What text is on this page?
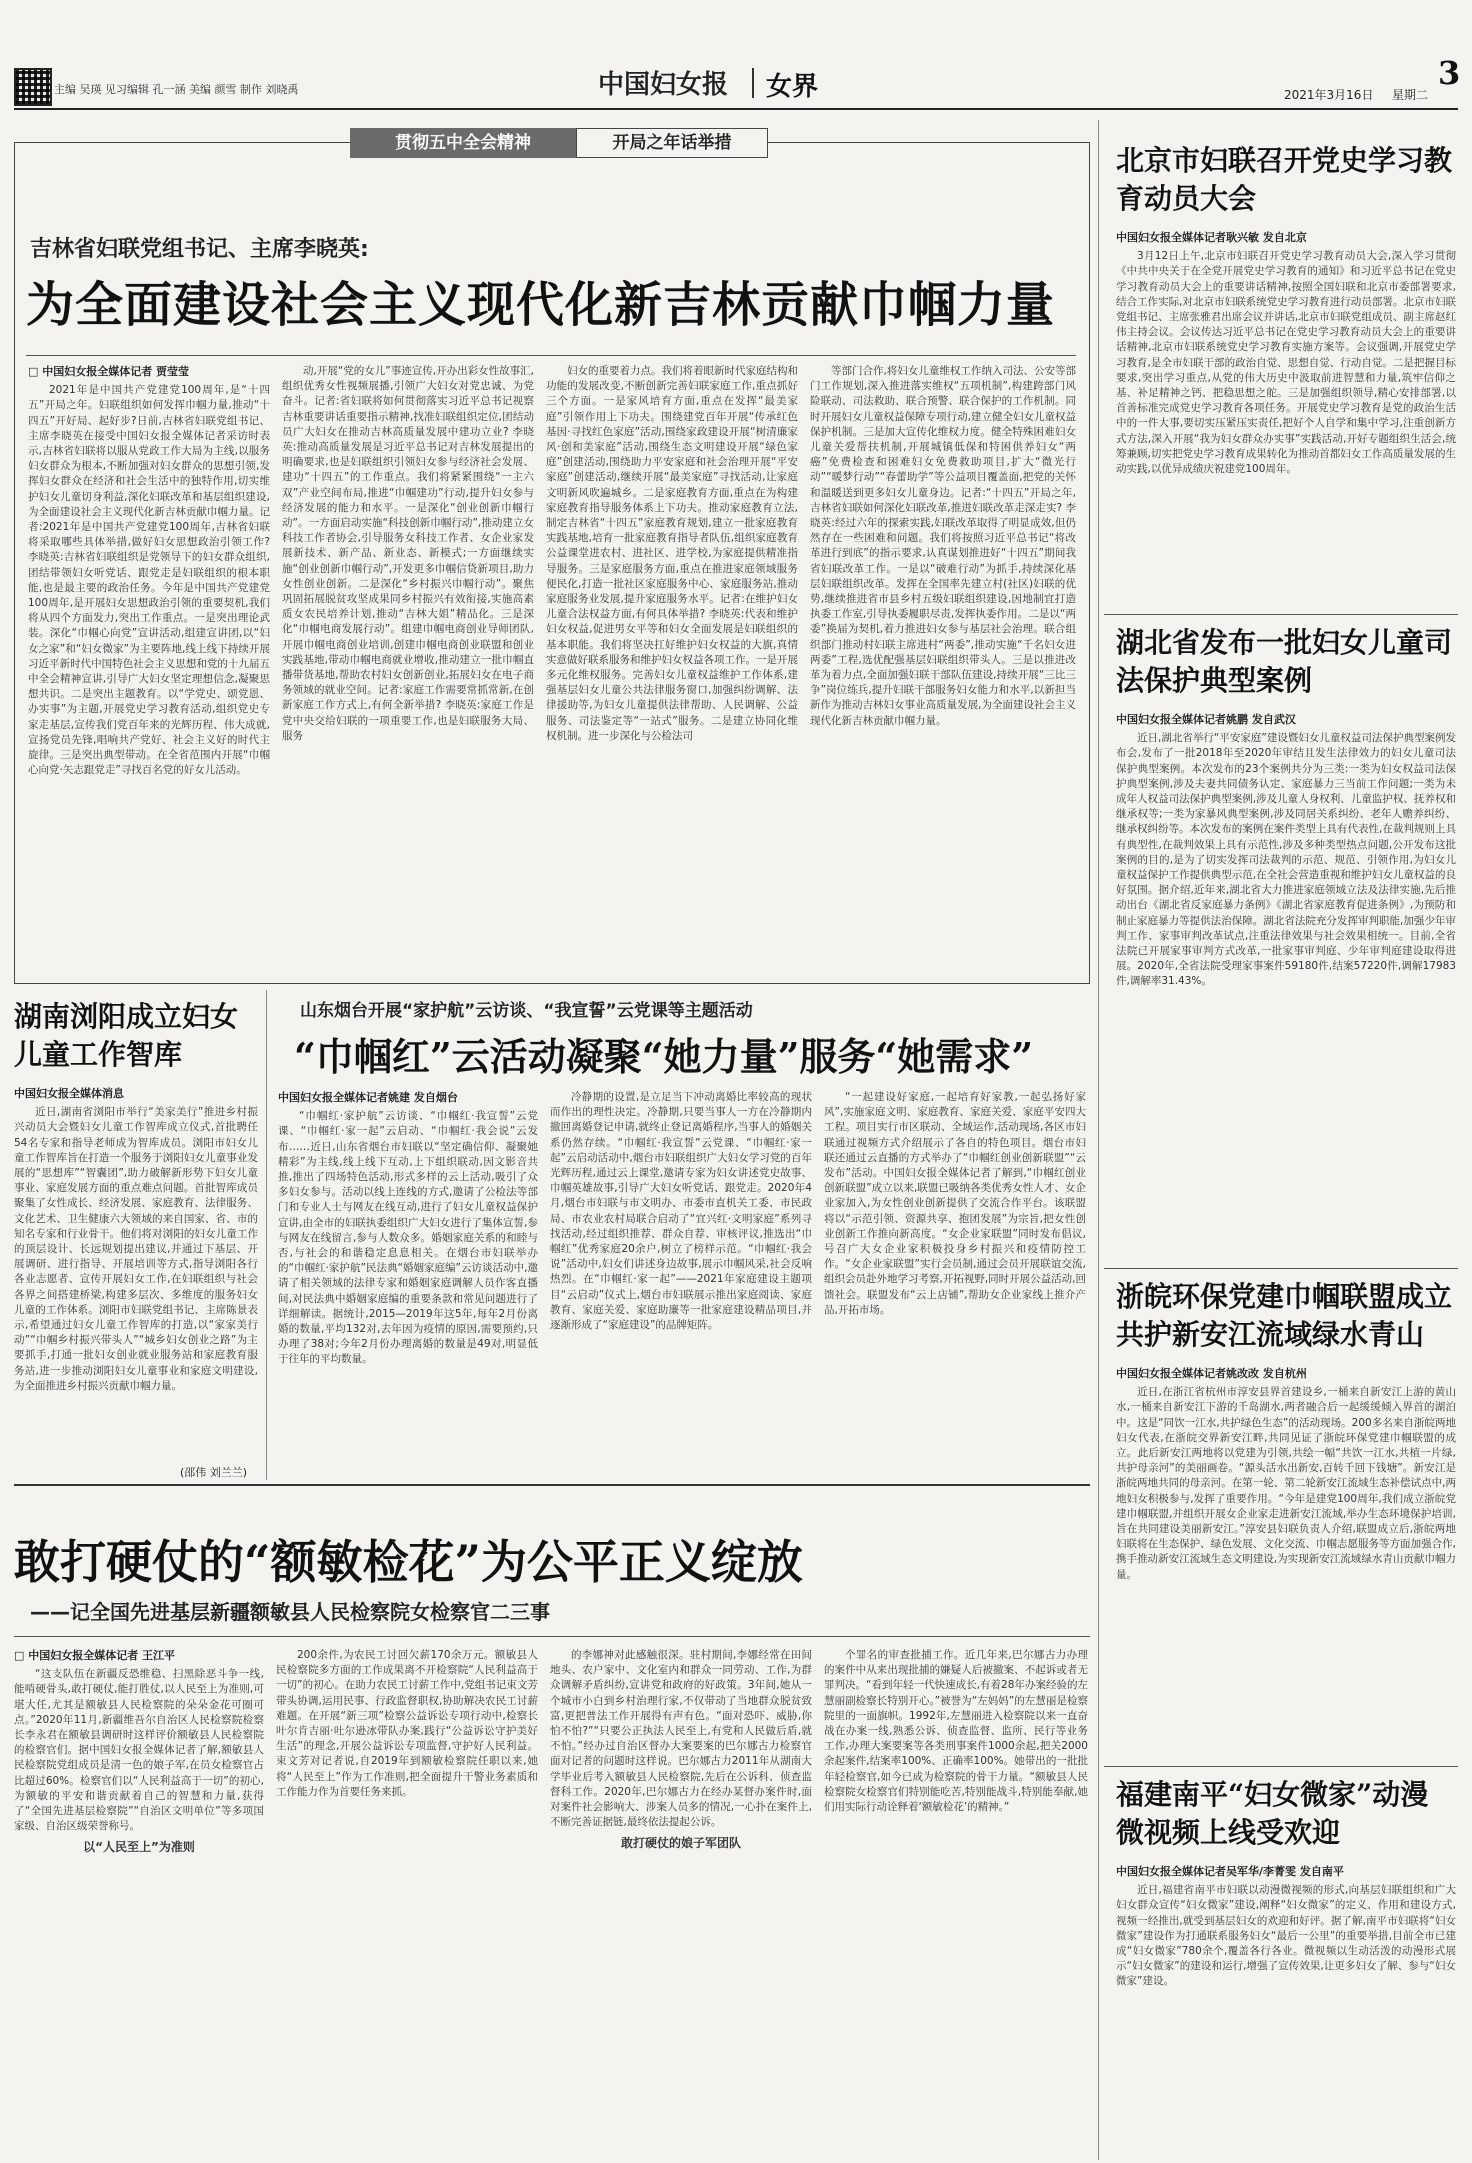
主编 吴瑛 见习编辑 孔一涵 美编 颜雪 制作 刘晓禹	中国妇女报 女界	3
2021年3月16日 星期二
贯彻五中全会精神	开局之年话举措
吉林省妇联党组书记、主席李晓英:
为全面建设社会主义现代化新吉林贡献巾帼力量
□ 中国妇女报全媒体记者 贾莹莹

2021年是中国共产党建党100周年,是“十四五”开局之年。妇联组织如何发挥巾帼力量,推动“十四五”开好局、起好步?日前,吉林省妇联党组书记、主席李晓英在接受中国妇女报全媒体记者采访时表示,吉林省妇联将以服从党政工作大局为主线,以服务妇女群众为根本,不断加强对妇女群众的思想引领,发挥妇女群众在经济和社会生活中的独特作用,切实维护妇女儿童切身利益,深化妇联改革和基层组织建设,为全面建设社会主义现代化新吉林贡献巾帼力量。记者:2021年是中国共产党建党100周年,吉林省妇联将采取哪些具体举措,做好妇女思想政治引领工作? 李晓英:吉林省妇联组织是党领导下的妇女群众组织,团结带领妇女听党话、跟党走是妇联组织的根本职能,也是最主要的政治任务。今年是中国共产党建党100周年,是开展妇女思想政治引领的重要契机,我们将从四个方面发力,突出工作重点。一是突出理论武装。深化“巾帼心向党”宣讲活动,组建宣讲团,以“妇女之家”和“妇女微家”为主要阵地,线上线下持续开展习近平新时代中国特色社会主义思想和党的十九届五中全会精神宣讲,引导广大妇女坚定理想信念,凝聚思想共识。二是突出主题教育。以“学党史、颂党恩、办实事”为主题,开展党史学习教育活动,组织党史专家走基层,宣传我们党百年来的光辉历程、伟大成就,宣扬党员先锋,唱响共产党好、社会主义好的时代主旋律。三是突出典型带动。在全省范围内开展“巾帼心向党·矢志跟党走”寻找百名党的好女儿活动。

动,开展“党的女儿”事迹宣传,开办出彩女性故事汇,组织优秀女性视频展播,引领广大妇女对党忠诚、为党奋斗。记者:省妇联将如何贯彻落实习近平总书记视察吉林重要讲话重要指示精神,找准妇联组织定位,团结动员广大妇女在推动吉林高质量发展中建功立业? 李晓英:推动高质量发展是习近平总书记对吉林发展提出的明确要求,也是妇联组织引领妇女参与经济社会发展、建功“十四五”的工作重点。我们将紧紧围绕“一主六双”产业空间布局,推进“巾帼建功”行动,提升妇女参与经济发展的能力和水平。一是深化“创业创新巾帼行动”。一方面启动实施“科技创新巾帼行动”,推动建立女科技工作者协会,引导服务女科技工作者、女企业家发展新技术、新产品、新业态、新模式;一方面继续实施“创业创新巾帼行动”,开发更多巾帼信贷新项目,助力女性创业创新。二是深化“乡村振兴巾帼行动”。聚焦巩固拓展脱贫攻坚成果同乡村振兴有效衔接,实施高素质女农民培养计划,推动“吉林大姐”精品化。三是深化“巾帼电商发展行动”。组建巾帼电商创业导师团队,开展巾帼电商创业培训,创建巾帼电商创业联盟和创业实践基地,带动巾帼电商就业增收,推动建立一批巾帼直播带货基地,帮助农村妇女创新创业,拓展妇女在电子商务领域的就业空间。记者:家庭工作需要常抓常新,在创新家庭工作方式上,有何全新举措? 李晓英:家庭工作是党中央交给妇联的一项重要工作,也是妇联服务大局、服务

妇女的重要着力点。我们将着眼新时代家庭结构和功能的发展改变,不断创新完善妇联家庭工作,重点抓好三个方面。一是家风培育方面,重点在发挥“最美家庭”引领作用上下功夫。围绕建党百年开展“传承红色基因·寻找红色家庭”活动,围绕家政建设开展“树清廉家风·创和美家庭”活动,围绕生态文明建设开展“绿色家庭”创建活动,围绕助力平安家庭和社会治理开展“平安家庭”创建活动,继续开展“最美家庭”寻找活动,让家庭文明新风吹遍城乡。二是家庭教育方面,重点在为构建家庭教育指导服务体系上下功夫。推动家庭教育立法,制定吉林省“十四五”家庭教育规划,建立一批家庭教育实践基地,培育一批家庭教育指导者队伍,组织家庭教育公益课堂进农村、进社区、进学校,为家庭提供精准指导服务。三是家庭服务方面,重点在推进家庭领域服务便民化,打造一批社区家庭服务中心、家庭服务站,推动家庭服务业发展,提升家庭服务水平。记者:在维护妇女儿童合法权益方面,有何具体举措? 李晓英:代表和维护妇女权益,促进男女平等和妇女全面发展是妇联组织的基本职能。我们将坚决扛好维护妇女权益的大旗,真情实意做好联系服务和维护妇女权益各项工作。一是开展多元化维权服务。完善妇女儿童权益维护工作体系,建强基层妇女儿童公共法律服务窗口,加强纠纷调解、法律援助等,为妇女儿童提供法律帮助、人民调解、公益服务、司法鉴定等“一站式”服务。二是建立协同化维权机制。进一步深化与公检法司

等部门合作,将妇女儿童维权工作纳入司法、公安等部门工作规划,深入推进落实维权“五项机制”,构建跨部门风险联动、司法救助、联合预警、联合保护的工作机制。同时开展妇女儿童权益保障专项行动,建立健全妇女儿童权益保护机制。三是加大宣传化维权力度。健全特殊困难妇女儿童关爱帮扶机制,开展城镇低保和特困供养妇女“两癌”免费检查和困难妇女免费救助项目,扩大“微光行动”“暖梦行动”“春蕾助学”等公益项目覆盖面,把党的关怀和温暖送到更多妇女儿童身边。记者:“十四五”开局之年,吉林省妇联如何深化妇联改革,推进妇联改革走深走实? 李晓英:经过六年的探索实践,妇联改革取得了明显成效,但仍然存在一些困难和问题。我们将按照习近平总书记“将改革进行到底”的指示要求,认真谋划推进好“十四五”期间我省妇联改革工作。一是以“破难行动”为抓手,持续深化基层妇联组织改革。发挥在全国率先建立村(社区)妇联的优势,继续推进省市县乡村五级妇联组织建设,因地制宜打造执委工作室,引导执委履职尽责,发挥执委作用。二是以“两委”换届为契机,着力推进妇女参与基层社会治理。联合组织部门推动村妇联主席进村“两委”,推动实施“千名妇女进两委”工程,选优配强基层妇联组织带头人。三是以推进改革为着力点,全面加强妇联干部队伍建设,持续开展“三比三争”岗位练兵,提升妇联干部服务妇女能力和水平,以新担当新作为推动吉林妇女事业高质量发展,为全面建设社会主义现代化新吉林贡献巾帼力量。

北京市妇联召开党史学习教育动员大会
中国妇女报全媒体记者耿兴敏 发自北京

3月12日上午,北京市妇联召开党史学习教育动员大会,深入学习贯彻《中共中央关于在全党开展党史学习教育的通知》和习近平总书记在党史学习教育动员大会上的重要讲话精神,按照全国妇联和北京市委部署要求,结合工作实际,对北京市妇联系统党史学习教育进行动员部署。北京市妇联党组书记、主席张雅君出席会议并讲话,北京市妇联党组成员、副主席赵红伟主持会议。会议传达习近平总书记在党史学习教育动员大会上的重要讲话精神,北京市妇联系统党史学习教育实施方案等。会议强调,开展党史学习教育,是全市妇联干部的政治自觉、思想自觉、行动自觉。二是把握目标要求,突出学习重点,从党的伟大历史中汲取前进智慧和力量,筑牢信仰之基、补足精神之钙、把稳思想之舵。三是加强组织领导,精心安排部署,以首善标准完成党史学习教育各项任务。开展党史学习教育是党的政治生活中的一件大事,要切实压紧压实责任,把好个人自学和集中学习,注重创新方式方法,深入开展“我为妇女群众办实事”实践活动,开好专题组织生活会,统筹兼顾,切实把党史学习教育成果转化为推动首都妇女工作高质量发展的生动实践,以优异成绩庆祝建党100周年。

湖北省发布一批妇女儿童司法保护典型案例
中国妇女报全媒体记者姚鹏 发自武汉

近日,湖北省举行“平安家庭”建设暨妇女儿童权益司法保护典型案例发布会,发布了一批2018年至2020年审结且发生法律效力的妇女儿童司法保护典型案例。本次发布的23个案例共分为三类:一类为妇女权益司法保护典型案例,涉及夫妻共同债务认定、家庭暴力三当前工作问题;一类为未成年人权益司法保护典型案例,涉及儿童人身权利、儿童监护权、抚养权和继承权等;一类为家暴风典型案例,涉及同居关系纠纷、老年人赡养纠纷、继承权纠纷等。本次发布的案例在案件类型上具有代表性,在裁判规则上具有典型性,在裁判效果上具有示范性,涉及多种类型热点问题,公开发布这批案例的目的,是为了切实发挥司法裁判的示范、规范、引领作用,为妇女儿童权益保护工作提供典型示范,在全社会营造重视和维护妇女儿童权益的良好氛围。据介绍,近年来,湖北省大力推进家庭领域立法及法律实施,先后推动出台《湖北省反家庭暴力条例》《湖北省家庭教育促进条例》,为预防和制止家庭暴力等提供法治保障。湖北省法院充分发挥审判职能,加强少年审判工作、家事审判改革试点,注重法律效果与社会效果相统一。目前,全省法院已开展家事审判方式改革,一批家事审判庭、少年审判庭建设取得进展。2020年,全省法院受理家事案件59180件,结案57220件,调解17983件,调解率31.43%。

浙皖环保党建巾帼联盟成立共护新安江流域绿水青山
中国妇女报全媒体记者姚改改 发自杭州

近日,在浙江省杭州市淳安县界首建设乡,一桶来自新安江上游的黄山水,一桶来自新安江下游的千岛湖水,两者融合后一起缓缓倾入界首的湖泊中。这是“同饮一江水,共护绿色生态”的活动现场。200多名来自浙皖两地妇女代表,在浙皖交界新安江畔,共同见证了浙皖环保党建巾帼联盟的成立。此后新安江两地将以党建为引领,共绘一幅“共饮一江水,共植一片绿,共护母亲河”的美丽画卷。“源头活水出新安,百转千回下钱塘”。新安江是浙皖两地共同的母亲河。在第一轮、第二轮新安江流域生态补偿试点中,两地妇女积极参与,发挥了重要作用。“今年是建党100周年,我们成立浙皖党建巾帼联盟,并组织开展女企业家走进新安江流域,举办生态环境保护培训,旨在共同建设美丽新安江。”淳安县妇联负责人介绍,联盟成立后,浙皖两地妇联将在生态保护、绿色发展、文化交流、巾帼志愿服务等方面加强合作,携手推动新安江流域生态文明建设,为实现新安江流域绿水青山贡献巾帼力量。

福建南平“妇女微家”动漫微视频上线受欢迎
中国妇女报全媒体记者吴军华/李菁雯 发自南平

近日,福建省南平市妇联以动漫微视频的形式,向基层妇联组织和广大妇女群众宣传“妇女微家”建设,阐释“妇女微家”的定义、作用和建设方式,视频一经推出,就受到基层妇女的欢迎和好评。据了解,南平市妇联将“妇女微家”建设作为打通联系服务妇女“最后一公里”的重要举措,目前全市已建成“妇女微家”780余个,覆盖各行各业。微视频以生动活泼的动漫形式展示“妇女微家”的建设和运行,增强了宣传效果,让更多妇女了解、参与“妇女微家”建设。

湖南浏阳成立妇女儿童工作智库
中国妇女报全媒体消息

近日,湖南省浏阳市举行“美家美行”推进乡村振兴动员大会暨妇女儿童工作智库成立仪式,首批聘任54名专家和指导老师成为智库成员。浏阳市妇女儿童工作智库旨在打造一个服务于浏阳妇女儿童事业发展的“思想库”“智囊团”,助力破解新形势下妇女儿童事业、家庭发展方面的重点难点问题。首批智库成员聚集了女性成长、经济发展、家庭教育、法律服务、文化艺术、卫生健康六大领域的来自国家、省、市的知名专家和行业骨干。他们将对浏阳的妇女儿童工作的顶层设计、长远规划提出建议,并通过下基层、开展调研、进行指导、开展培训等方式,指导浏阳各行各业志愿者、宣传开展妇女工作,在妇联组织与社会各界之间搭建桥梁,构建多层次、多维度的服务妇女儿童的工作体系。浏阳市妇联党组书记、主席陈景表示,希望通过妇女儿童工作智库的打造,以“家家美行动”“巾帼乡村振兴带头人”“城乡妇女创业之路”为主要抓手,打通一批妇女创业就业服务站和家庭教育服务站,进一步推动浏阳妇女儿童事业和家庭文明建设,为全面推进乡村振兴贡献巾帼力量。

(邵伟 刘兰兰)
山东烟台开展“家护航”云访谈、“我宣誓”云党课等主题活动
“巾帼红”云活动凝聚“她力量”服务“她需求”
中国妇女报全媒体记者姚建 发自烟台

“巾帼红·家护航”云访谈、“巾帼红·我宣誓”云党课、“巾帼红·家一起”云启动、“巾帼红·我会说”云发布……近日,山东省烟台市妇联以“坚定确信仰、凝聚她精彩”为主线,线上线下互动,上下组织联动,因文影音共推,推出了四场特色活动,形式多样的云上活动,吸引了众多妇女参与。活动以线上连线的方式,邀请了公检法等部门和专业人士与网友在线互动,进行了妇女儿童权益保护宣讲,由全市的妇联执委组织广大妇女进行了集体宣誓,参与网友在线留言,参与人数众多。婚姻家庭关系的和睦与否,与社会的和谐稳定息息相关。在烟台市妇联举办的“巾帼红·家护航”民法典“婚姻家庭编”云访谈活动中,邀请了相关领域的法律专家和婚姻家庭调解人员作客直播间,对民法典中婚姻家庭编的重要条款和常见问题进行了详细解读。据统计,2015—2019年这5年,每年2月份离婚的数量,平均132对,去年因为疫情的原因,需要预约,只办理了38对;今年2月份办理离婚的数量是49对,明显低于往年的平均数量。

冷静期的设置,是立足当下冲动离婚比率较高的现状而作出的理性决定。冷静期,只要当事人一方在冷静期内撤回离婚登记申请,就终止登记离婚程序,当事人的婚姻关系仍然存续。“巾帼红·我宣誓”云党课、“巾帼红·家一起”云启动活动中,烟台市妇联组织广大妇女学习党的百年光辉历程,通过云上课堂,邀请专家为妇女讲述党史故事、巾帼英雄故事,引导广大妇女听党话、跟党走。2020年4月,烟台市妇联与市文明办、市委市直机关工委、市民政局、市农业农村局联合启动了“宜兴红·文明家庭”系列寻找活动,经过组织推荐、群众自荐、审核评议,推选出“巾帼红”优秀家庭20余户,树立了榜样示范。“巾帼红·我会说”活动中,妇女们讲述身边故事,展示巾帼风采,社会反响热烈。在“巾帼红·家一起”——2021年家庭建设主题项目“云启动”仪式上,烟台市妇联展示推出家庭阅读、家庭教育、家庭关爱、家庭助廉等一批家庭建设精品项目,并逐渐形成了“家庭建设”的品牌矩阵。

“一起建设好家庭,一起培育好家教,一起弘扬好家风”,实施家庭文明、家庭教育、家庭关爱、家庭平安四大工程。项目实行市区联动、全域运作,活动现场,各区市妇联通过视频方式介绍展示了各自的特色项目。烟台市妇联还通过云直播的方式举办了“巾帼红创业创新联盟”“云发布”活动。中国妇女报全媒体记者了解到,“巾帼红创业创新联盟”成立以来,联盟已吸纳各类优秀女性人才、女企业家加入,为女性创业创新提供了交流合作平台。该联盟将以“示范引领、资源共享、抱团发展”为宗旨,把女性创业创新工作推向新高度。“女企业家联盟”同时发布倡议,号召广大女企业家积极投身乡村振兴和疫情防控工作。“女企业家联盟”实行会员制,通过会员开展联谊交流,组织会员赴外地学习考察,开拓视野,同时开展公益活动,回馈社会。联盟发布“云上店铺”,帮助女企业家线上推介产品,开拓市场。

敢打硬仗的“额敏检花”为公平正义绽放
——记全国先进基层新疆额敏县人民检察院女检察官二三事
□ 中国妇女报全媒体记者 王江平

“这支队伍在新疆反恐维稳、扫黑除恶斗争一线,能啃硬骨头,敢打硬仗,能打胜仗,以人民至上为准则,可堪大任,尤其是额敏县人民检察院的朵朵金花可圈可点。”2020年11月,新疆维吾尔自治区人民检察院检察长李永君在额敏县调研时这样评价额敏县人民检察院的检察官们。据中国妇女报全媒体记者了解,额敏县人民检察院党组成员是清一色的娘子军,在员女检察官占比超过60%。检察官们以“人民利益高于一切”的初心,为额敏的平安和谐贡献着自己的智慧和力量,获得了“全国先进基层检察院”“自治区文明单位”等多项国家级、自治区级荣誉称号。

以“人民至上”为准则

200余件,为农民工讨回欠薪170余万元。额敏县人民检察院多方面的工作成果离不开检察院“人民利益高于一切”的初心。在助力农民工讨薪工作中,党组书记束文芳带头协调,运用民事、行政监督职权,协助解决农民工讨薪难题。在开展“新三项”检察公益诉讼专项行动中,检察长叶尔肯吉丽·吐尔逊冰带队办案,践行“公益诉讼守护美好生活”的理念,开展公益诉讼专项监督,守护好人民利益。束文芳对记者说,自2019年到额敏检察院任职以来,她将“人民至上”作为工作准则,把全面提升干警业务素质和工作能力作为首要任务来抓。

的李娜神对此感触很深。驻村期间,李娜经常在田间地头、农户家中、文化室内和群众一同劳动、工作,为群众调解矛盾纠纷,宣讲党和政府的好政策。3年间,她从一个城市小白到乡村治理行家,不仅带动了当地群众脱贫致富,更把普法工作开展得有声有色。“面对恐吓、威胁,你怕不怕?”“只要公正执法人民至上,有党和人民做后盾,就不怕。”经办过自治区督办大案要案的巴尔娜古力检察官面对记者的问题时这样说。巴尔娜古力2011年从湖南大学毕业后考入额敏县人民检察院,先后在公诉科、侦查监督科工作。2020年,巴尔娜古力在经办某督办案件时,面对案件社会影响大、涉案人员多的情况,一心扑在案件上,不断完善证据链,最终依法提起公诉。

敢打硬仗的娘子军团队

个罪名的审查批捕工作。近几年来,巴尔娜古力办理的案件中从来出现批捕的嫌疑人后被撤案、不起诉或者无罪判决。“看到年轻一代快速成长,有着28年办案经验的左慧丽副检察长特别开心。”被誉为“左妈妈”的左慧丽是检察院里的一面旗帜。1992年,左慧丽进入检察院以来一直奋战在办案一线,熟悉公诉、侦查监督、监所、民行等业务工作,办理大案要案等各类刑事案件1000余起,把关2000余起案件,结案率100%、正确率100%。她带出的一批批年轻检察官,如今已成为检察院的骨干力量。“额敏县人民检察院女检察官们特别能吃苦,特别能战斗,特别能奉献,她们用实际行动诠释着‘额敏检花’的精神。”
